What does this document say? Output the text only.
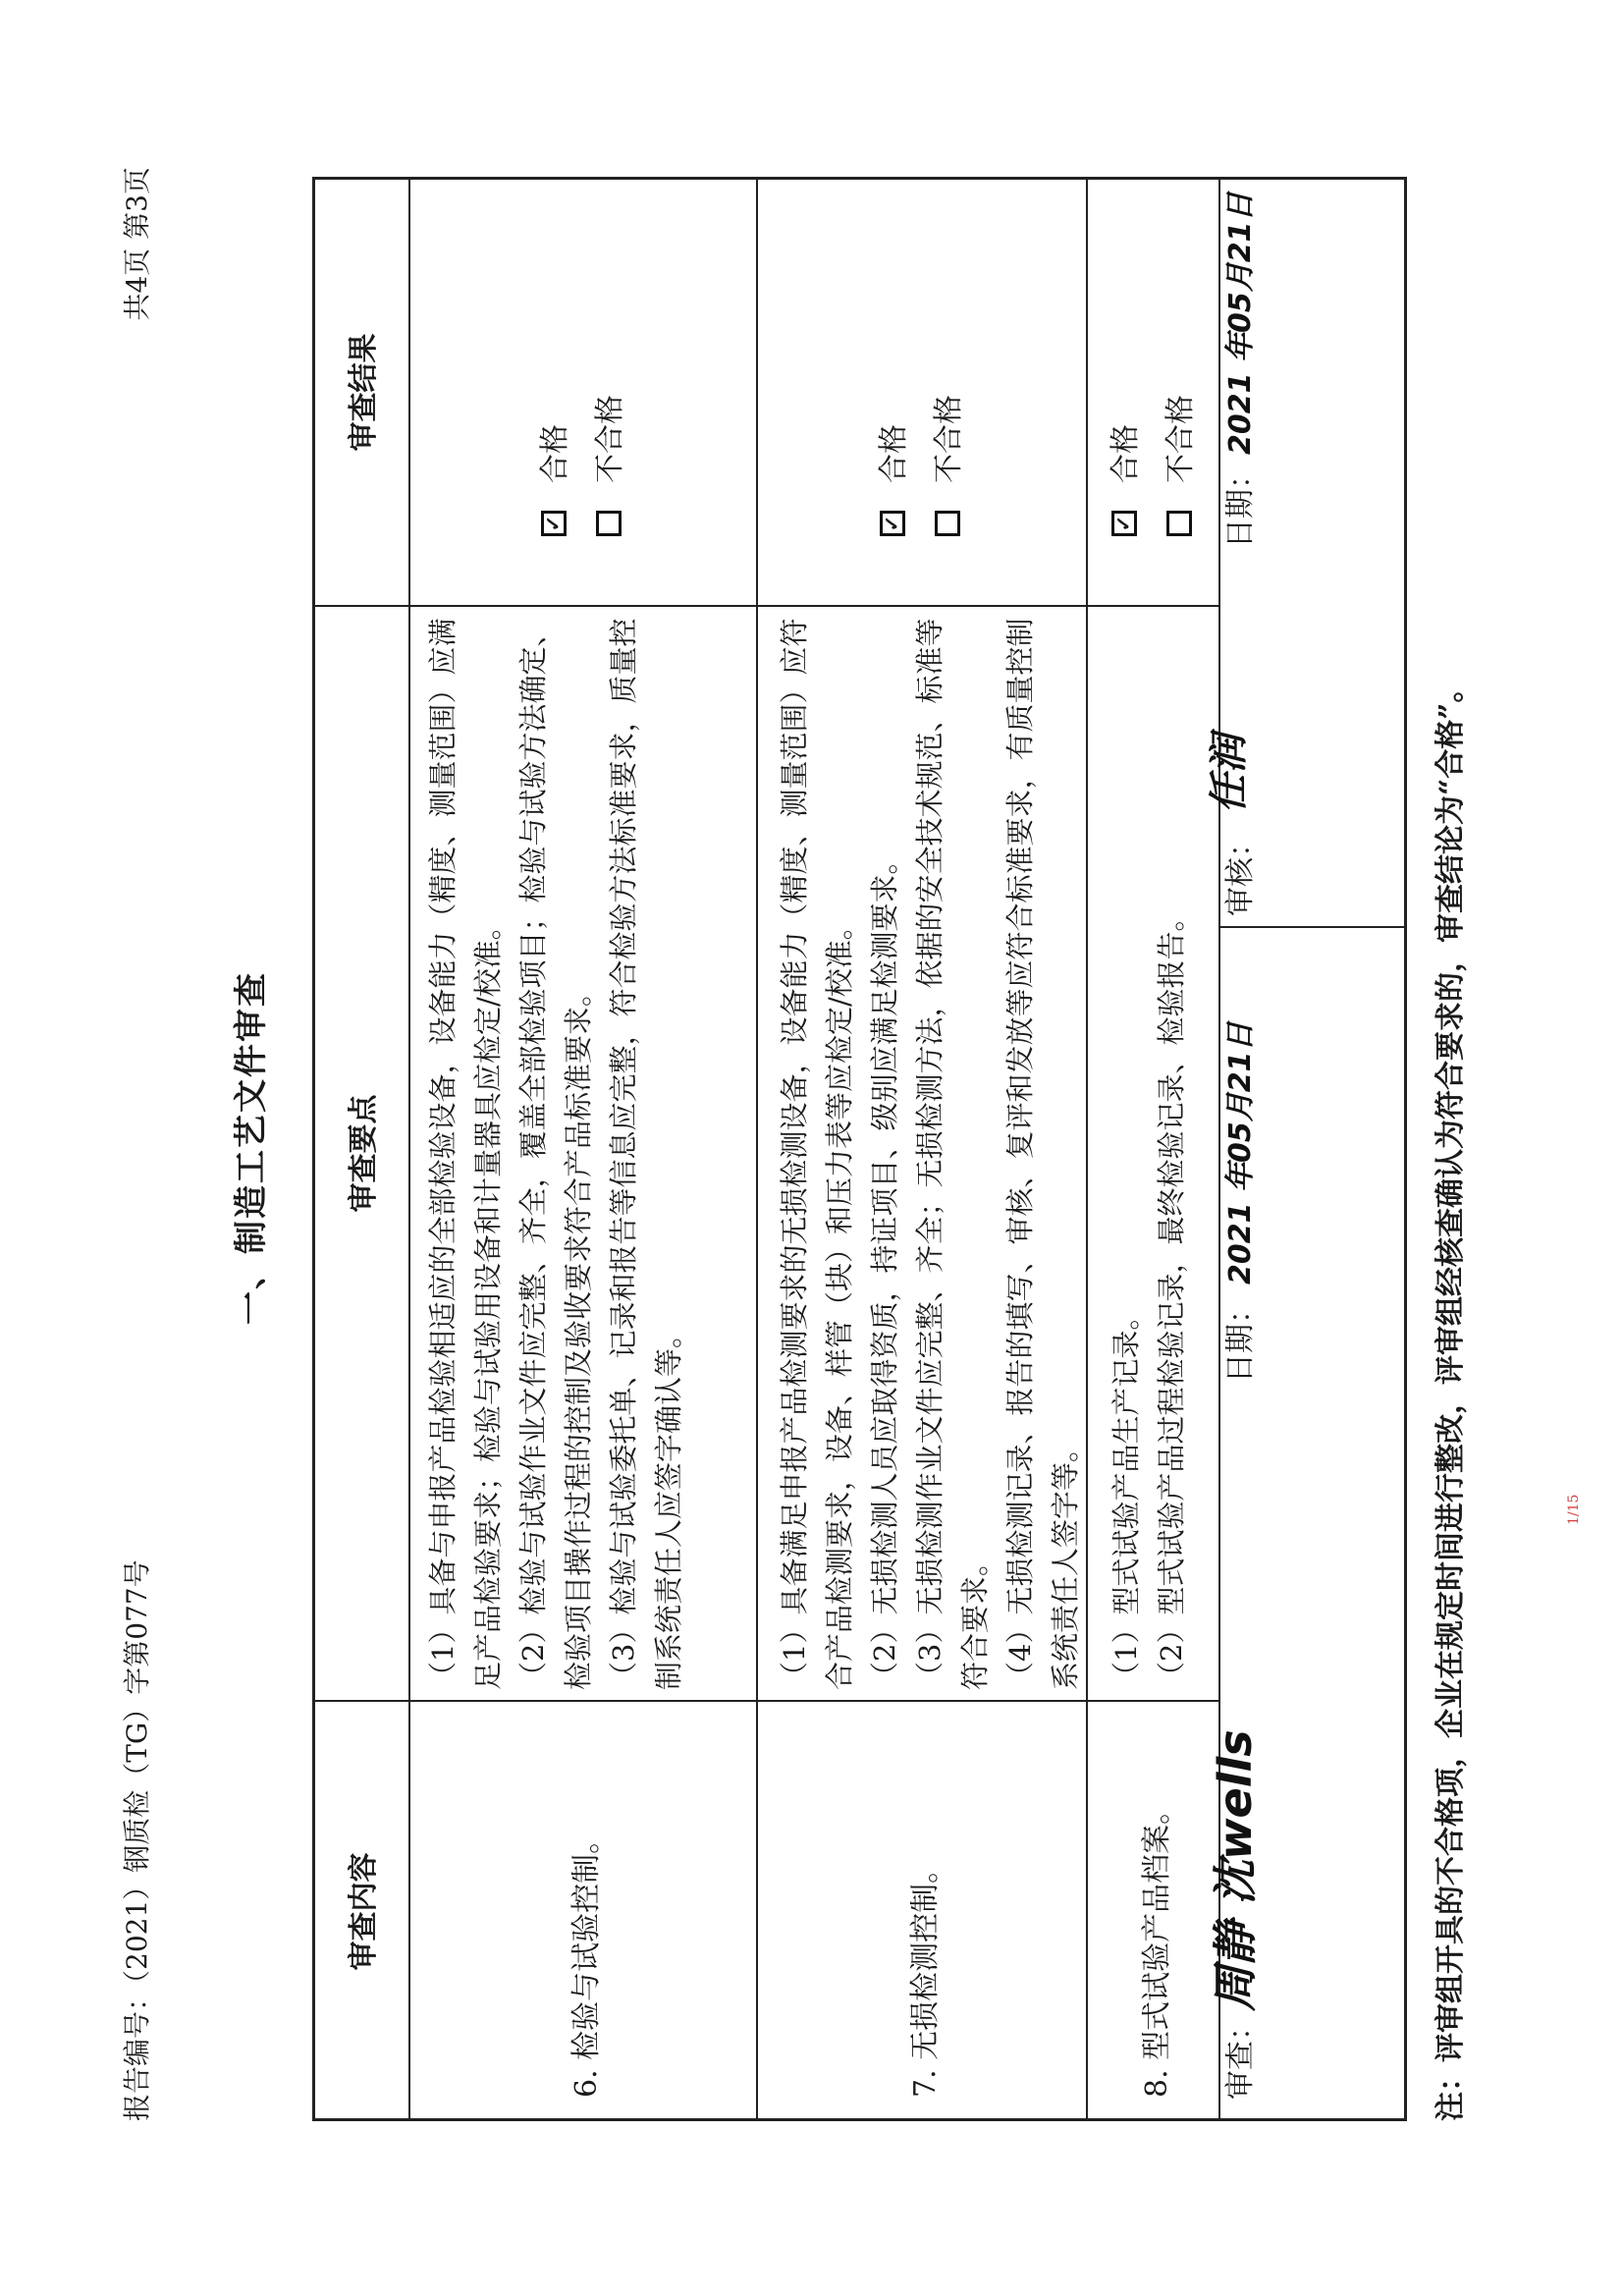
报告编号：（2021）钢质检（TG）字第077号
共4页 第3页
一、制造工艺文件审查
审查内容
审查要点
审查结果
6. 检验与试验控制。

（1）具备与申报产品检验相适应的全部检验设备，设备能力（精度、测量范围）应满足产品检验要求；检验与试验用设备和计量器具应检定/校准。 （2）检验与试验作业文件应完整、齐全，覆盖全部检验项目；检验与试验方法确定、检验项目操作过程的控制及验收要求符合产品标准要求。 （3）检验与试验委托单、记录和报告等信息应完整，符合检验方法标准要求，质量控制系统责任人应签字确认等。

✓合格 不合格
7. 无损检测控制。

（1）具备满足申报产品检测要求的无损检测设备，设备能力（精度、测量范围）应符合产品检测要求，设备、样管（块）和压力表等应检定/校准。 （2）无损检测人员应取得资质，持证项目、级别应满足检测要求。 （3）无损检测作业文件应完整、齐全；无损检测方法，依据的安全技术规范、标准等符合要求。 （4）无损检测记录、报告的填写、审核、复评和发放等应符合标准要求，有质量控制系统责任人签字等。

✓合格 不合格
8. 型式试验产品档案。

（1）型式试验产品生产记录。 （2）型式试验产品过程检验记录，最终检验记录、检验报告。

✓合格 不合格
审查：
周静 沈wells
日期：
2021 年05月21日
审核：
任润
日期：
2021 年05月21日
注：评审组开具的不合格项，企业在规定时间进行整改，评审组经核查确认为符合要求的，审查结论为“合格”。	1/15
